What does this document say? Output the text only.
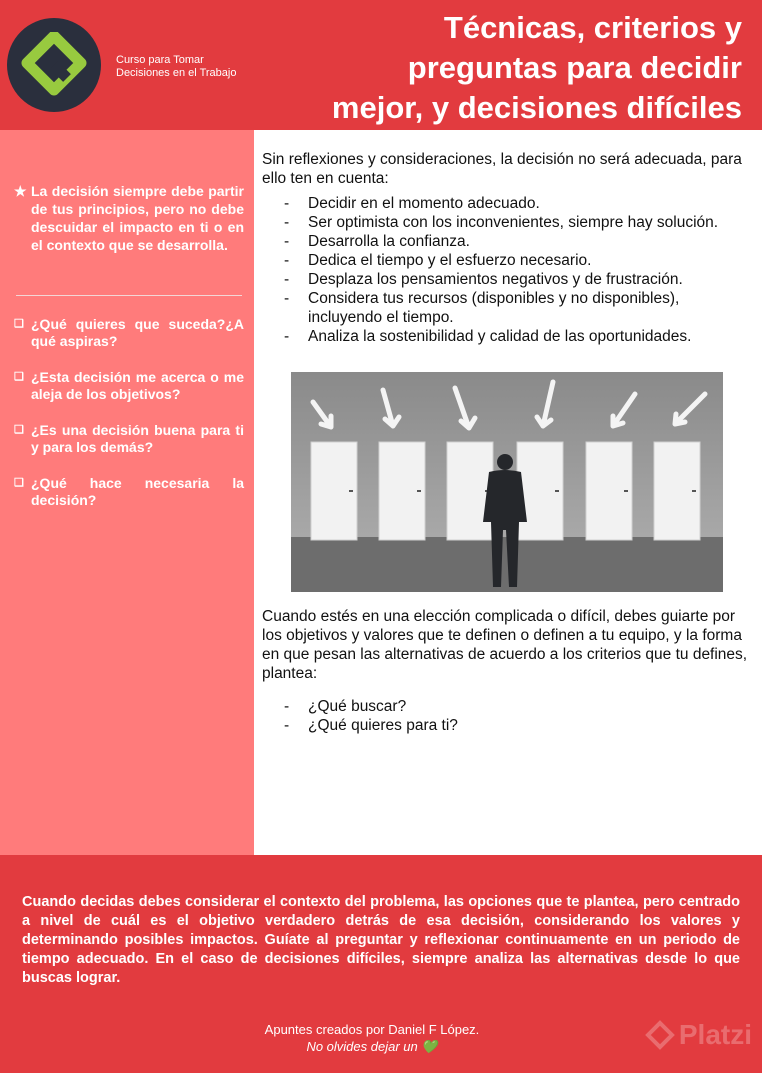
Curso para Tomar
Decisiones en el Trabajo
Técnicas, criterios y
preguntas para decidir
mejor, y decisiones difíciles
★ La decisión siempre debe partir de tus principios, pero no debe descuidar el impacto en ti o en el contexto que se desarrolla.
❑ ¿Qué quieres que suceda?¿A qué aspiras?
❑ ¿Esta decisión me acerca o me aleja de los objetivos?
❑ ¿Es una decisión buena para ti y para los demás?
❑ ¿Qué hace necesaria la decisión?

Sin reflexiones y consideraciones, la decisión no será adecuada, para ello ten en cuenta:

-	Decidir en el momento adecuado.
-	Ser optimista con los inconvenientes, siempre hay solución.
-	Desarrolla la confianza.
-	Dedica el tiempo y el esfuerzo necesario.
-	Desplaza los pensamientos negativos y de frustración.
-	Considera tus recursos (disponibles y no disponibles), incluyendo el tiempo.
-	Analiza la sostenibilidad y calidad de las oportunidades.

Cuando estés en una elección complicada o difícil, debes guiarte por los objetivos y valores que te definen o definen a tu equipo, y la forma en que pesan las alternativas de acuerdo a los criterios que tu defines, plantea:

-	¿Qué buscar?
-	¿Qué quieres para ti?

Cuando decidas debes considerar el contexto del problema, las opciones que te plantea, pero centrado a nivel de cuál es el objetivo verdadero detrás de esa decisión, considerando los valores y determinando posibles impactos. Guíate al preguntar y reflexionar continuamente en un periodo de tiempo adecuado. En el caso de decisiones difíciles, siempre analiza las alternativas desde lo que buscas lograr.

Apuntes creados por Daniel F López.
No olvides dejar un 💚	Platzi
